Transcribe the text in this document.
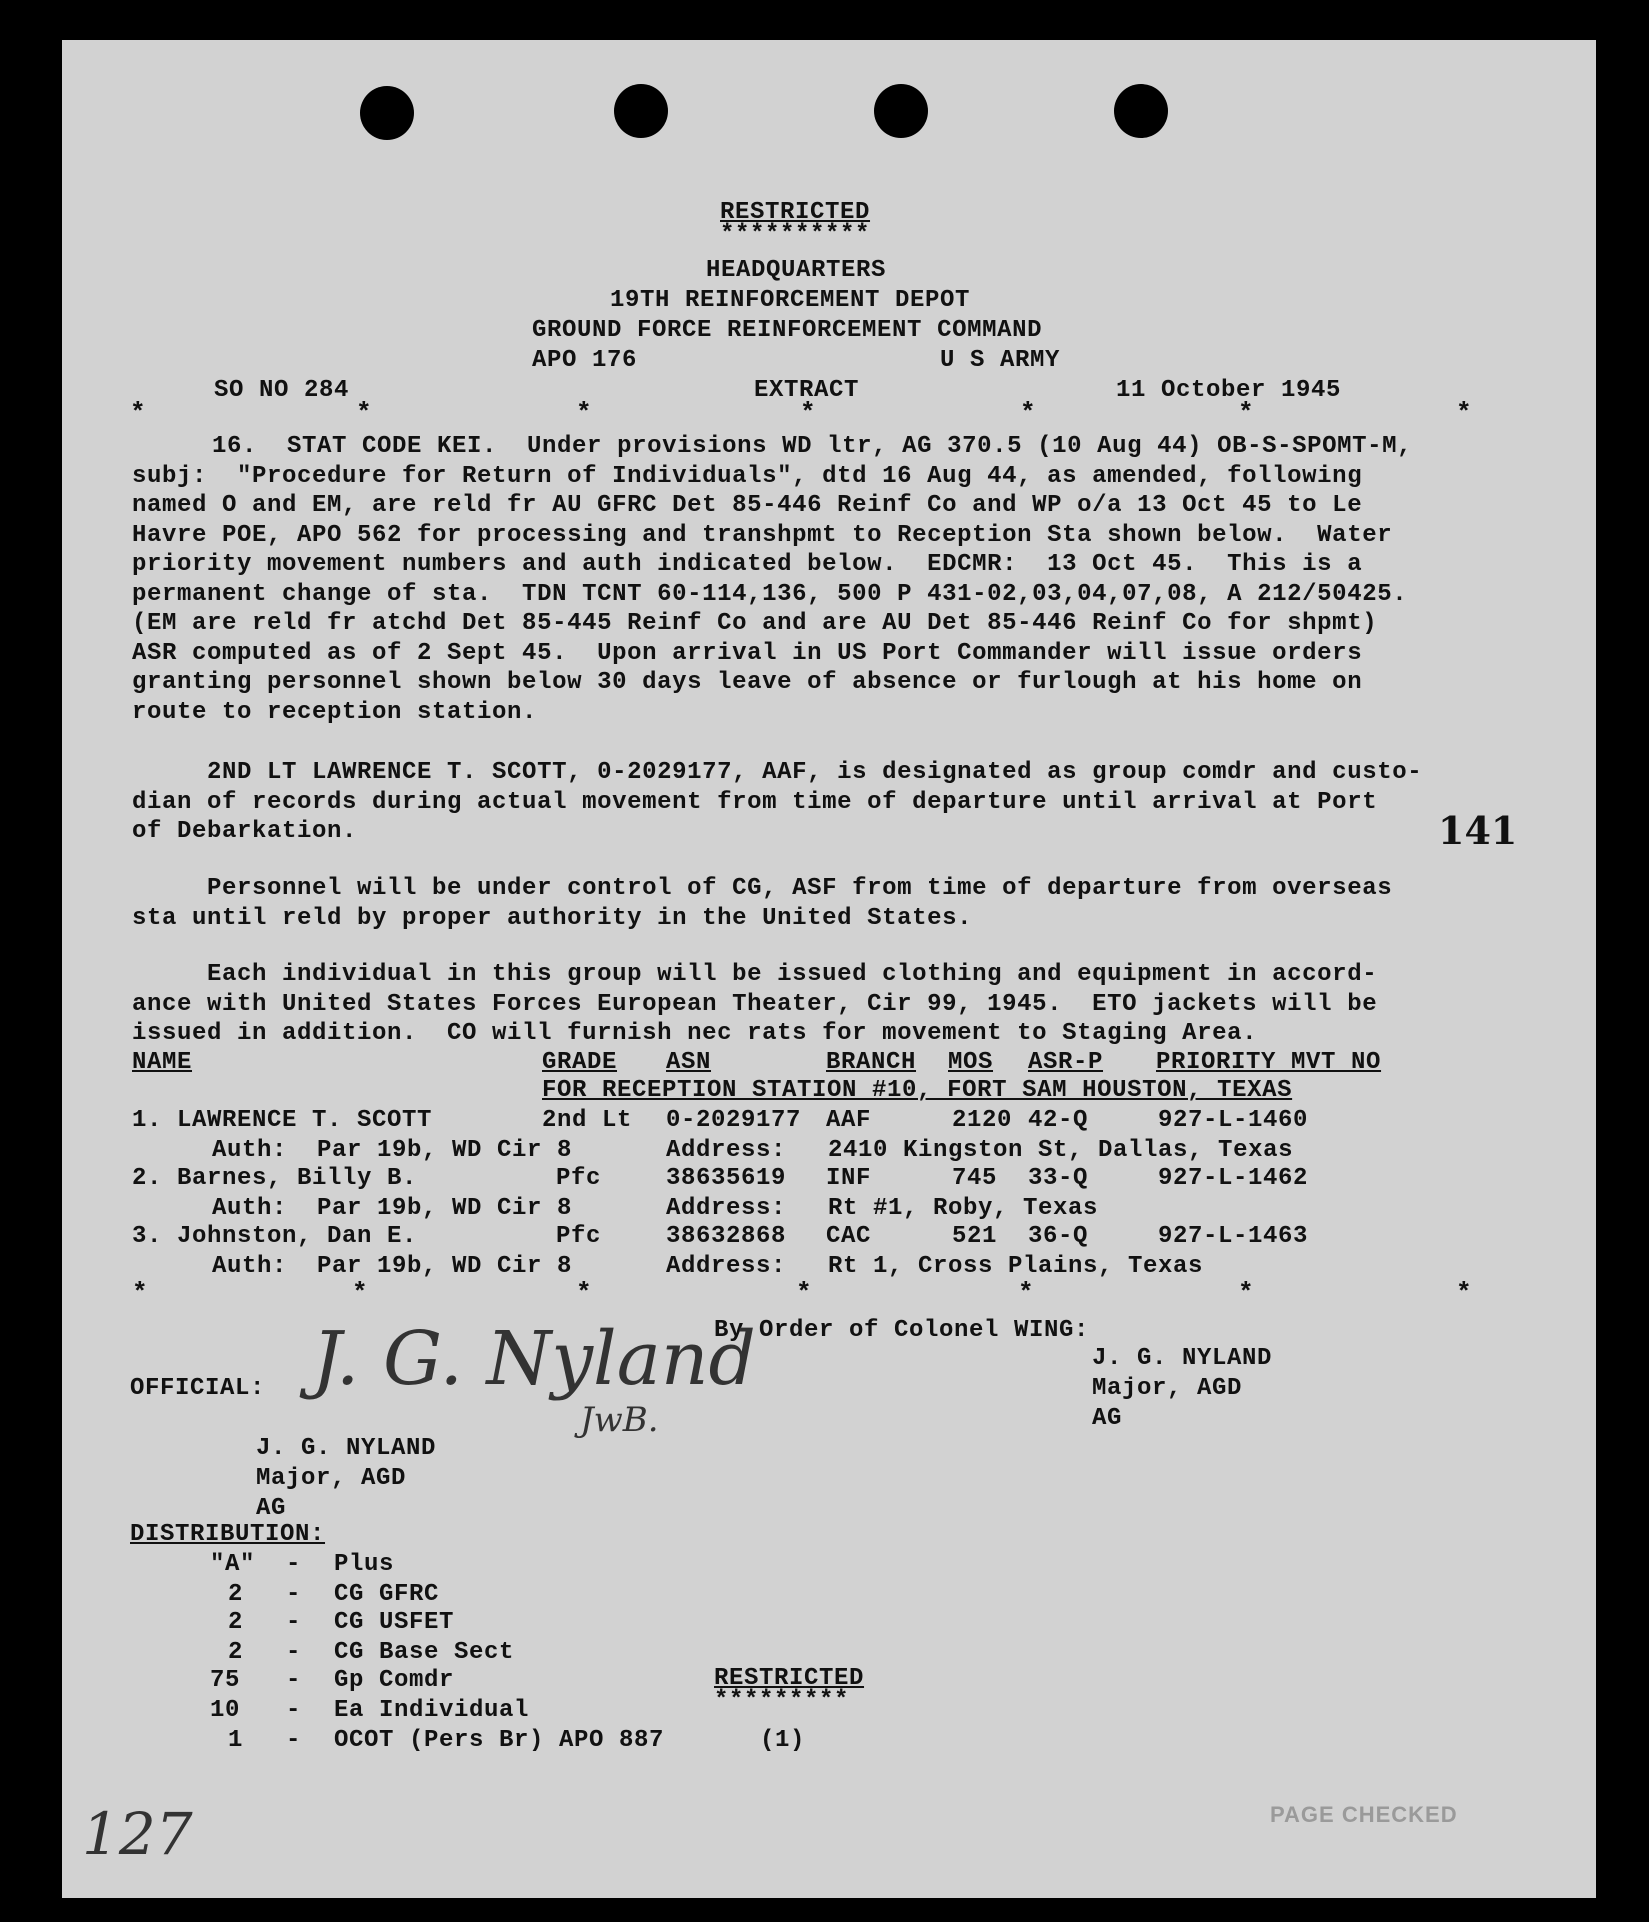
RESTRICTED
**********
HEADQUARTERS
19TH REINFORCEMENT DEPOT
GROUND FORCE REINFORCEMENT COMMAND
APO 176	U S ARMY
SO NO 284	EXTRACT	11 October 1945
*	*	*	*	*	*	*
16.  STAT CODE KEI.  Under provisions WD ltr, AG 370.5 (10 Aug 44) OB-S-SPOMT-M,
subj:  "Procedure for Return of Individuals", dtd 16 Aug 44, as amended, following
named O and EM, are reld fr AU GFRC Det 85-446 Reinf Co and WP o/a 13 Oct 45 to Le
Havre POE, APO 562 for processing and transhpmt to Reception Sta shown below.  Water
priority movement numbers and auth indicated below.  EDCMR:  13 Oct 45.  This is a
permanent change of sta.  TDN TCNT 60-114,136, 500 P 431-02,03,04,07,08, A 212/50425.
(EM are reld fr atchd Det 85-445 Reinf Co and are AU Det 85-446 Reinf Co for shpmt)
ASR computed as of 2 Sept 45.  Upon arrival in US Port Commander will issue orders
granting personnel shown below 30 days leave of absence or furlough at his home on
route to reception station.
2ND LT LAWRENCE T. SCOTT, 0-2029177, AAF, is designated as group comdr and custo-
dian of records during actual movement from time of departure until arrival at Port
of Debarkation.	141
Personnel will be under control of CG, ASF from time of departure from overseas
sta until reld by proper authority in the United States.
Each individual in this group will be issued clothing and equipment in accord-
ance with United States Forces European Theater, Cir 99, 1945.  ETO jackets will be
issued in addition.  CO will furnish nec rats for movement to Staging Area.
NAME	GRADE ASN	BRANCH MOS ASR-P PRIORITY MVT NO
FOR RECEPTION STATION #10, FORT SAM HOUSTON, TEXAS
1. LAWRENCE T. SCOTT	2nd Lt 0-2029177 AAF	2120 42-Q	927-L-1460
Auth:  Par 19b, WD Cir 8	Address: 2410 Kingston St, Dallas, Texas
2. Barnes, Billy B.	Pfc	38635619 INF	745 33-Q	927-L-1462
Auth:  Par 19b, WD Cir 8	Address: Rt #1, Roby, Texas
3. Johnston, Dan E.	Pfc	38632868 CAC	521 36-Q	927-L-1463
Auth:  Par 19b, WD Cir 8	Address: Rt 1, Cross Plains, Texas
*	*	*	*	*	*	*
By Order of Colonel WING:
J. G. NYLAND
Major, AGD
AG
OFFICIAL: J. G. Nyland
JwB.
J. G. NYLAND
Major, AGD
AG
DISTRIBUTION:
"A" - Plus
2 - CG GFRC
2 - CG USFET
2 - CG Base Sect
75 - Gp Comdr
10 - Ea Individual
1 - OCOT (Pers Br) APO 887
RESTRICTED
*********
(1)
127	PAGE CHECKED
